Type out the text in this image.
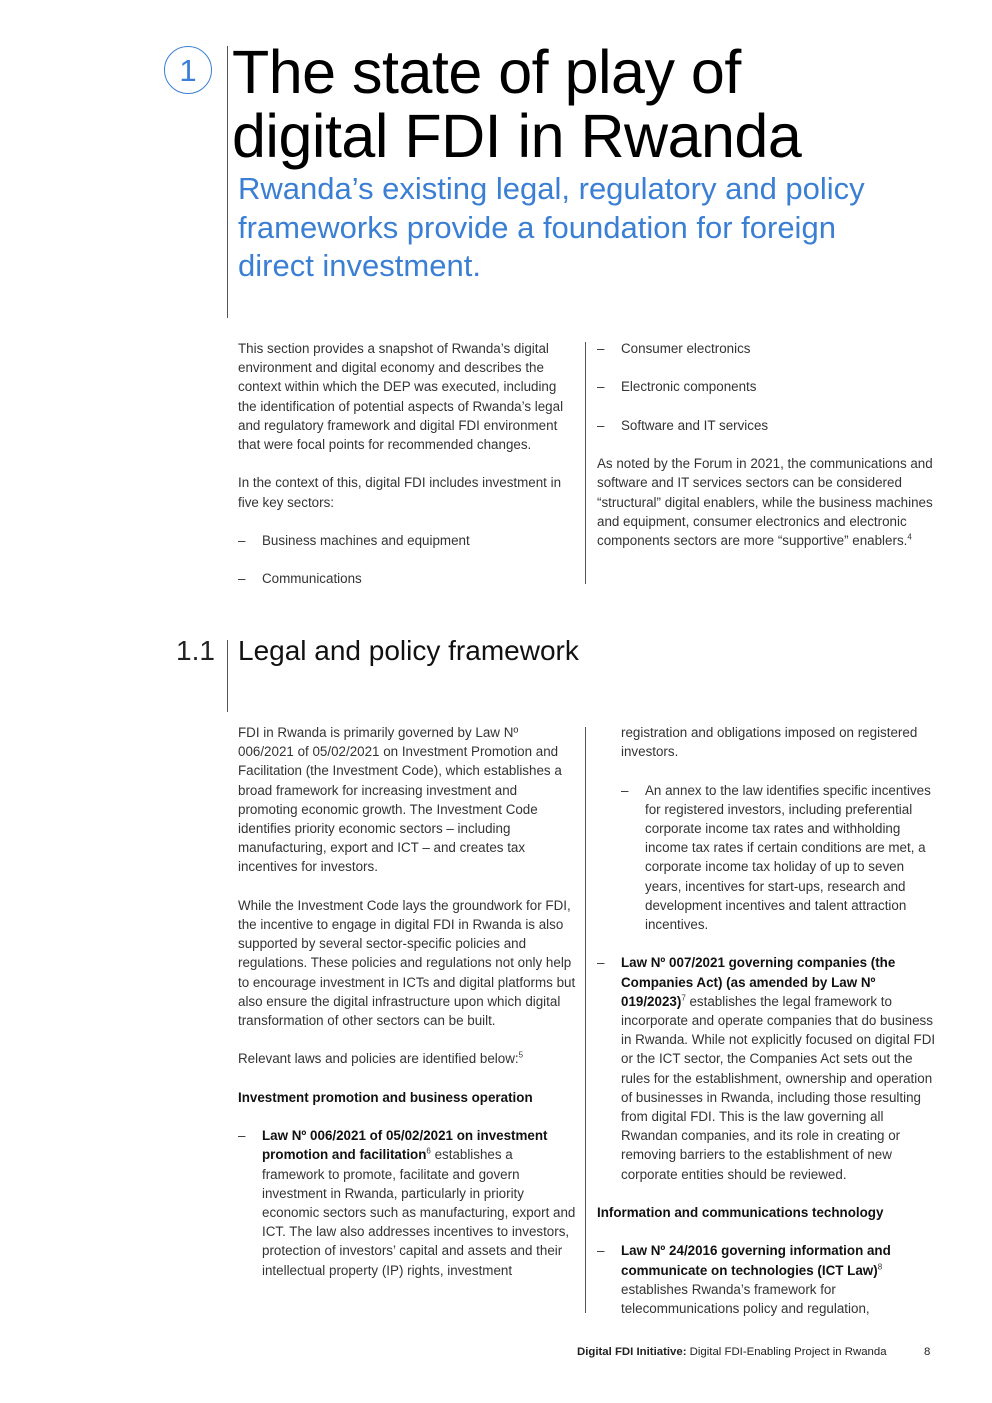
1 The state of play of
digital FDI in Rwanda
Rwanda’s existing legal, regulatory and policy frameworks provide a foundation for foreign direct investment.

This section provides a snapshot of Rwanda’s digital environment and digital economy and describes the context within which the DEP was executed, including the identification of potential aspects of Rwanda’s legal and regulatory framework and digital FDI environment that were focal points for recommended changes.

In the context of this, digital FDI includes investment in five key sectors:

– Business machines and equipment

– Communications

– Consumer electronics

– Electronic components

– Software and IT services

As noted by the Forum in 2021, the communications and software and IT services sectors can be considered “structural” digital enablers, while the business machines and equipment, consumer electronics and electronic components sectors are more “supportive” enablers.$^4$

1.1 Legal and policy framework

FDI in Rwanda is primarily governed by Law Nº 006/2021 of 05/02/2021 on Investment Promotion and Facilitation (the Investment Code), which establishes a broad framework for increasing investment and promoting economic growth. The Investment Code identifies priority economic sectors – including manufacturing, export and ICT – and creates tax incentives for investors.

While the Investment Code lays the groundwork for FDI, the incentive to engage in digital FDI in Rwanda is also supported by several sector-specific policies and regulations. These policies and regulations not only help to encourage investment in ICTs and digital platforms but also ensure the digital infrastructure upon which digital transformation of other sectors can be built.

Relevant laws and policies are identified below:$^5$

Investment promotion and business operation

– Law Nº 006/2021 of 05/02/2021 on investment promotion and facilitation$^6$ establishes a framework to promote, facilitate and govern investment in Rwanda, particularly in priority economic sectors such as manufacturing, export and ICT. The law also addresses incentives to investors, protection of investors’ capital and assets and their intellectual property (IP) rights, investment

registration and obligations imposed on registered investors.

– An annex to the law identifies specific incentives for registered investors, including preferential corporate income tax rates and withholding income tax rates if certain conditions are met, a corporate income tax holiday of up to seven years, incentives for start-ups, research and development incentives and talent attraction incentives.

– Law Nº 007/2021 governing companies (the Companies Act) (as amended by Law Nº 019/2023)$^7$ establishes the legal framework to incorporate and operate companies that do business in Rwanda. While not explicitly focused on digital FDI or the ICT sector, the Companies Act sets out the rules for the establishment, ownership and operation of businesses in Rwanda, including those resulting from digital FDI. This is the law governing all Rwandan companies, and its role in creating or removing barriers to the establishment of new corporate entities should be reviewed.

Information and communications technology

– Law Nº 24/2016 governing information and communicate on technologies (ICT Law)$^8$ establishes Rwanda’s framework for telecommunications policy and regulation,

Digital FDI Initiative: Digital FDI-Enabling Project in Rwanda	8
